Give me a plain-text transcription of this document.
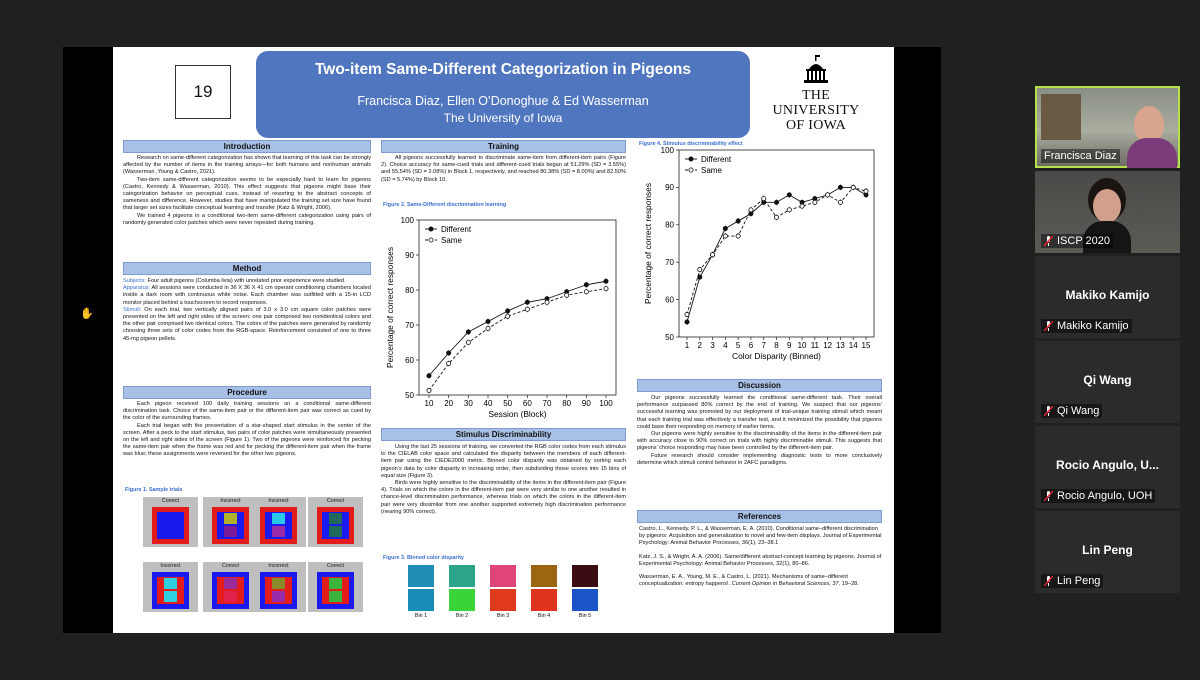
✋
19
Two-item Same-Different Categorization in Pigeons
Francisca Diaz, Ellen O’Donoghue & Ed Wasserman
The University of Iowa
THE
UNIVERSITY
OF IOWA
Introduction

Research on same-different categorization has shown that learning of this task can be strongly affected by the number of items in the training arrays—for both humans and nonhuman animals (Wasserman ,Young & Castro, 2021).

Two-item same-different categorization seems to be especially hard to learn for pigeons (Castro, Kennedy & Wasserman, 2010). This effect suggests that pigeons might base their categorization behavior on perceptual cues, instead of resorting to the abstract concepts of sameness and difference. However, studies that have manipulated the training set size have found that larger set sizes facilitate conceptual learning and transfer (Katz & Wright, 2006).

We trained 4 pigeons in a conditional two-item same-different categorization using pairs of randomly generated color patches which were never repeated during training.

Method

Subjects: Four adult pigeons (Columba livia) with unrelated prior experience were studied.

Apparatus: All sessions were conducted in 36 X 36 X 41 cm operant conditioning chambers located inside a dark room with continuous white noise. Each chamber was outfitted with a 15-in LCD monitor placed behind a touchscreen to record responses.

Stimuli: On each trial, two vertically aligned pairs of 3.0 x 3.0 cm square color patches were presented on the left and right sides of the screen: one pair comprised two nonidentical colors and the other pair comprised two identical colors. The colors of the patches were generated by randomly choosing three sets of color codes from the RGB-space. Reinforcement consisted of one to three 45-mg pigeon pellets.

Procedure

Each pigeon received 100 daily training sessions on a conditional same-different discrimination task. Choice of the same-item pair or the different-item pair was correct as cued by the color of the surrounding frames.

Each trial began with the presentation of a star-shaped start stimulus in the center of the screen. After a peck to the start stimulus, two pairs of color patches were simultaneously presented on the left and right sides of the screen (Figure 1). Two of the pigeons were reinforced for pecking the same-item pair when the frame was red and for pecking the different-item pair when the frame was blue; these assignments were reversed for the other two pigeons.

Figure 1. Sample trials
Correct	Incorrect	Incorrect	Correct
Incorrect	Correct	Incorrect	Correct
Training

All pigeons successfully learned to discriminate same-item from different-item pairs (Figure 2). Choice accuracy for same-cued trials and different-cued trials began at 51.29% (SD = 3.55%) and 55.54% (SD = 2.08%) in Block 1, respectively, and reached 80.38% (SD = 8.00%) and 82.50% (SD = 5.74%) by Block 10.

Figure 2. Same-Different discrimination learning
50
60
70
80
90
100
10 20 30 40 50 60 70 80 90 100
Session (Block)
Percentage of correct responses
Different
Same
Stimulus Discriminability

Using the last 25 sessions of training, we converted the RGB color codes from each stimulus to the CIELAB color space and calculated the disparity between the members of each different-item pair using the CIEDE2000 metric. Binned color disparity was obtained by sorting each pigeon’s data by color disparity in increasing order, then subdividing those scores into 15 bins of equal size (Figure 3).

Birds were highly sensitive to the discriminability of the items in the different-item pair (Figure 4). Trials on which the colors in the different-item pair were very similar to one another resulted in chance-level discrimination performance, whereas trials on which the colors in the different-item pair were very dissimilar from one another supported extremely high discrimination performance (nearing 90% correct).

Figure 3. Binned color disparity
Bin 1	Bin 2	Bin 3	Bin 4	Bin 5
Figure 4. Stimulus discriminability effect
50
60
70
80
90
100
1 2 3 4 5 6 7 8 9 10 11 12 13 14 15
Color Disparity (Binned)
Percentage of correct responses
Different
Same
Discussion

Our pigeons successfully learned the conditional same-different task. Their overall performance surpassed 80% correct by the end of training. We suspect that our pigeons’ successful learning was promoted by our deployment of trial-unique training stimuli which meant that each training trial was effectively a transfer test, and it minimized the possibility that pigeons could base their responding on memory of earlier items.

Our pigeons were highly sensitive to the discriminability of the items in the different-item pair with accuracy close to 90% correct on trials with highly discriminable stimuli. This suggests that pigeons’ choice responding may have been controlled by the different-item pair.

Future research should consider implementing diagnostic tests to more conclusively determine which stimuli control behavior in 2AFC paradigms.

References

Castro, L., Kennedy, P. L., & Wasserman, E. A. (2010). Conditional same–different discrimination by pigeons: Acquisition and generalization to novel and few-item displays. Journal of Experimental Psychology: Animal Behavior Processes, 36(1), 23–38.1

Katz, J. S., & Wright, A. A. (2006). Same/different abstract-concept learning by pigeons. Journal of Experimental Psychology: Animal Behavior Processes, 32(1), 80–86.

Wasserman, E. A., Young, M. E., & Castro, L. (2021). Mechanisms of same–different conceptualization: entropy happens!. Current Opinion in Behavioral Sciences, 37, 19–28.

Francisca Diaz
ISCP 2020
Makiko Kamijo
Makiko Kamijo
Qi Wang
Qi Wang
Rocio Angulo, U...
Rocio Angulo, UOH
Lin Peng
Lin Peng
